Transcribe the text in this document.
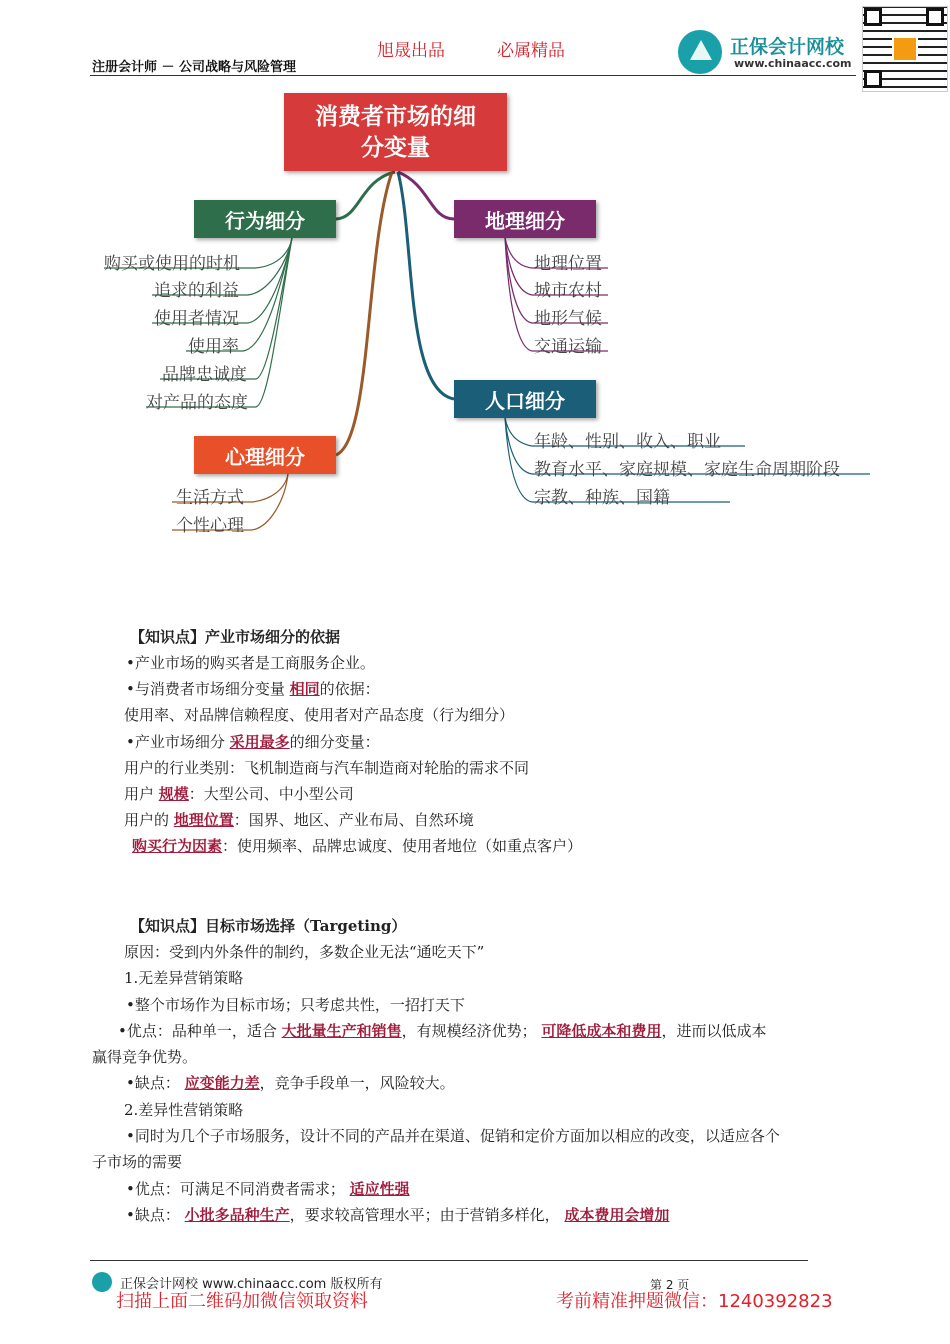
注册会计师 － 公司战略与风险管理
旭晟出品	必属精品	正保会计网校
www.chinaacc.com
消费者市场的细分变量
行为细分	地理细分
人口细分
心理细分
购买或使用的时机
追求的利益
使用者情况
使用率
品牌忠诚度
对产品的态度
地理位置
城市农村
地形气候
交通运输
年龄、性别、收入、职业
教育水平、家庭规模、家庭生命周期阶段
宗教、种族、国籍
生活方式
个性心理
【知识点】产业市场细分的依据
•产业市场的购买者是工商服务企业。
•与消费者市场细分变量 相同的依据：
使用率、对品牌信赖程度、使用者对产品态度（行为细分）
•产业市场细分 采用最多的细分变量：
用户的行业类别：飞机制造商与汽车制造商对轮胎的需求不同
用户 规模：大型公司、中小型公司
用户的 地理位置：国界、地区、产业布局、自然环境
购买行为因素：使用频率、品牌忠诚度、使用者地位（如重点客户）
【知识点】目标市场选择（Targeting）
原因：受到内外条件的制约，多数企业无法“通吃天下”
1.无差异营销策略
•整个市场作为目标市场；只考虑共性，一招打天下
•优点：品种单一，适合 大批量生产和销售，有规模经济优势； 可降低成本和费用，进而以低成本
赢得竞争优势。
•缺点： 应变能力差，竞争手段单一，风险较大。
2.差异性营销策略
•同时为几个子市场服务，设计不同的产品并在渠道、促销和定价方面加以相应的改变，以适应各个
子市场的需要
•优点：可满足不同消费者需求； 适应性强
•缺点： 小批多品种生产，要求较高管理水平；由于营销多样化， 成本费用会增加
正保会计网校 www.chinaacc.com 版权所有	第 2 页
扫描上面二维码加微信领取资料	考前精准押题微信：1240392823
